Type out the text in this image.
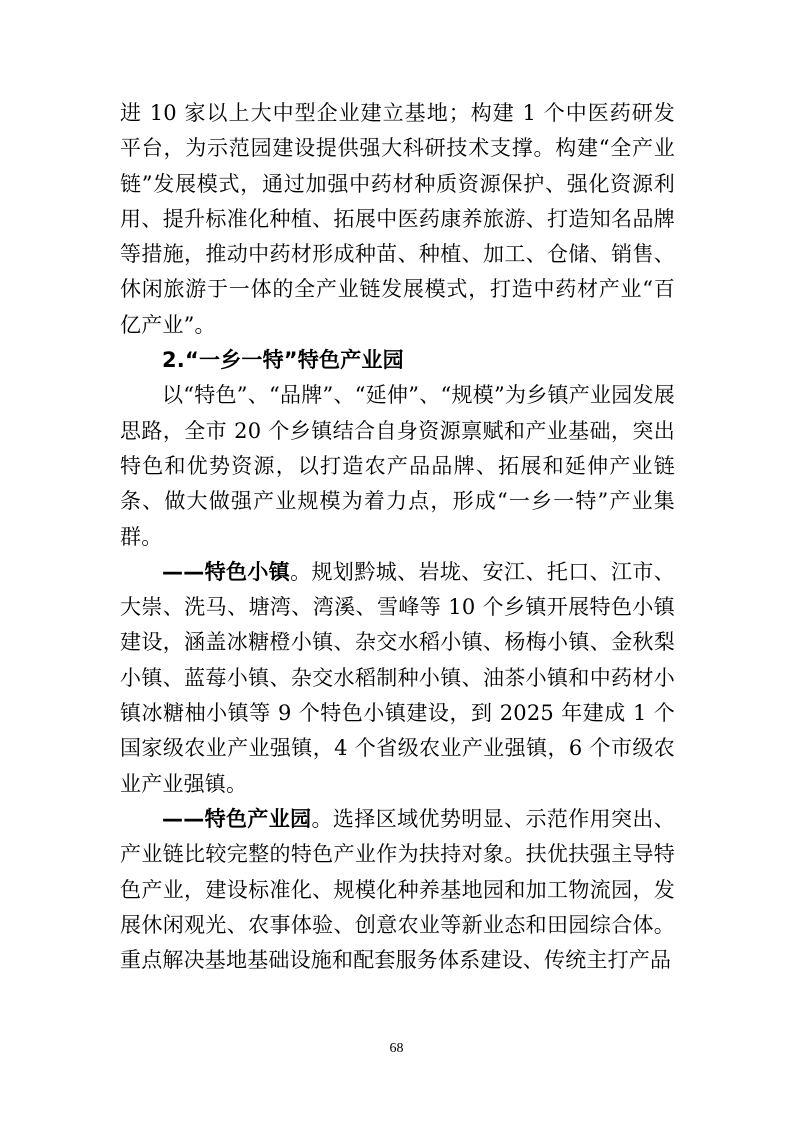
进 10 家以上大中型企业建立基地；构建 1 个中医药研发平台，为示范园建设提供强大科研技术支撑。构建“全产业链”发展模式，通过加强中药材种质资源保护、强化资源利用、提升标准化种植、拓展中医药康养旅游、打造知名品牌等措施，推动中药材形成种苗、种植、加工、仓储、销售、休闲旅游于一体的全产业链发展模式，打造中药材产业“百亿产业”。

2.“一乡一特”特色产业园

以“特色”、“品牌”、“延伸”、“规模”为乡镇产业园发展思路，全市 20 个乡镇结合自身资源禀赋和产业基础，突出特色和优势资源，以打造农产品品牌、拓展和延伸产业链条、做大做强产业规模为着力点，形成“一乡一特”产业集群。

——特色小镇。规划黔城、岩垅、安江、托口、江市、大崇、洗马、塘湾、湾溪、雪峰等 10 个乡镇开展特色小镇建设，涵盖冰糖橙小镇、杂交水稻小镇、杨梅小镇、金秋梨小镇、蓝莓小镇、杂交水稻制种小镇、油茶小镇和中药材小镇冰糖柚小镇等 9 个特色小镇建设，到 2025 年建成 1 个国家级农业产业强镇，4 个省级农业产业强镇，6 个市级农业产业强镇。

——特色产业园。选择区域优势明显、示范作用突出、产业链比较完整的特色产业作为扶持对象。扶优扶强主导特色产业，建设标准化、规模化种养基地园和加工物流园，发展休闲观光、农事体验、创意农业等新业态和田园综合体。重点解决基地基础设施和配套服务体系建设、传统主打产品

68
